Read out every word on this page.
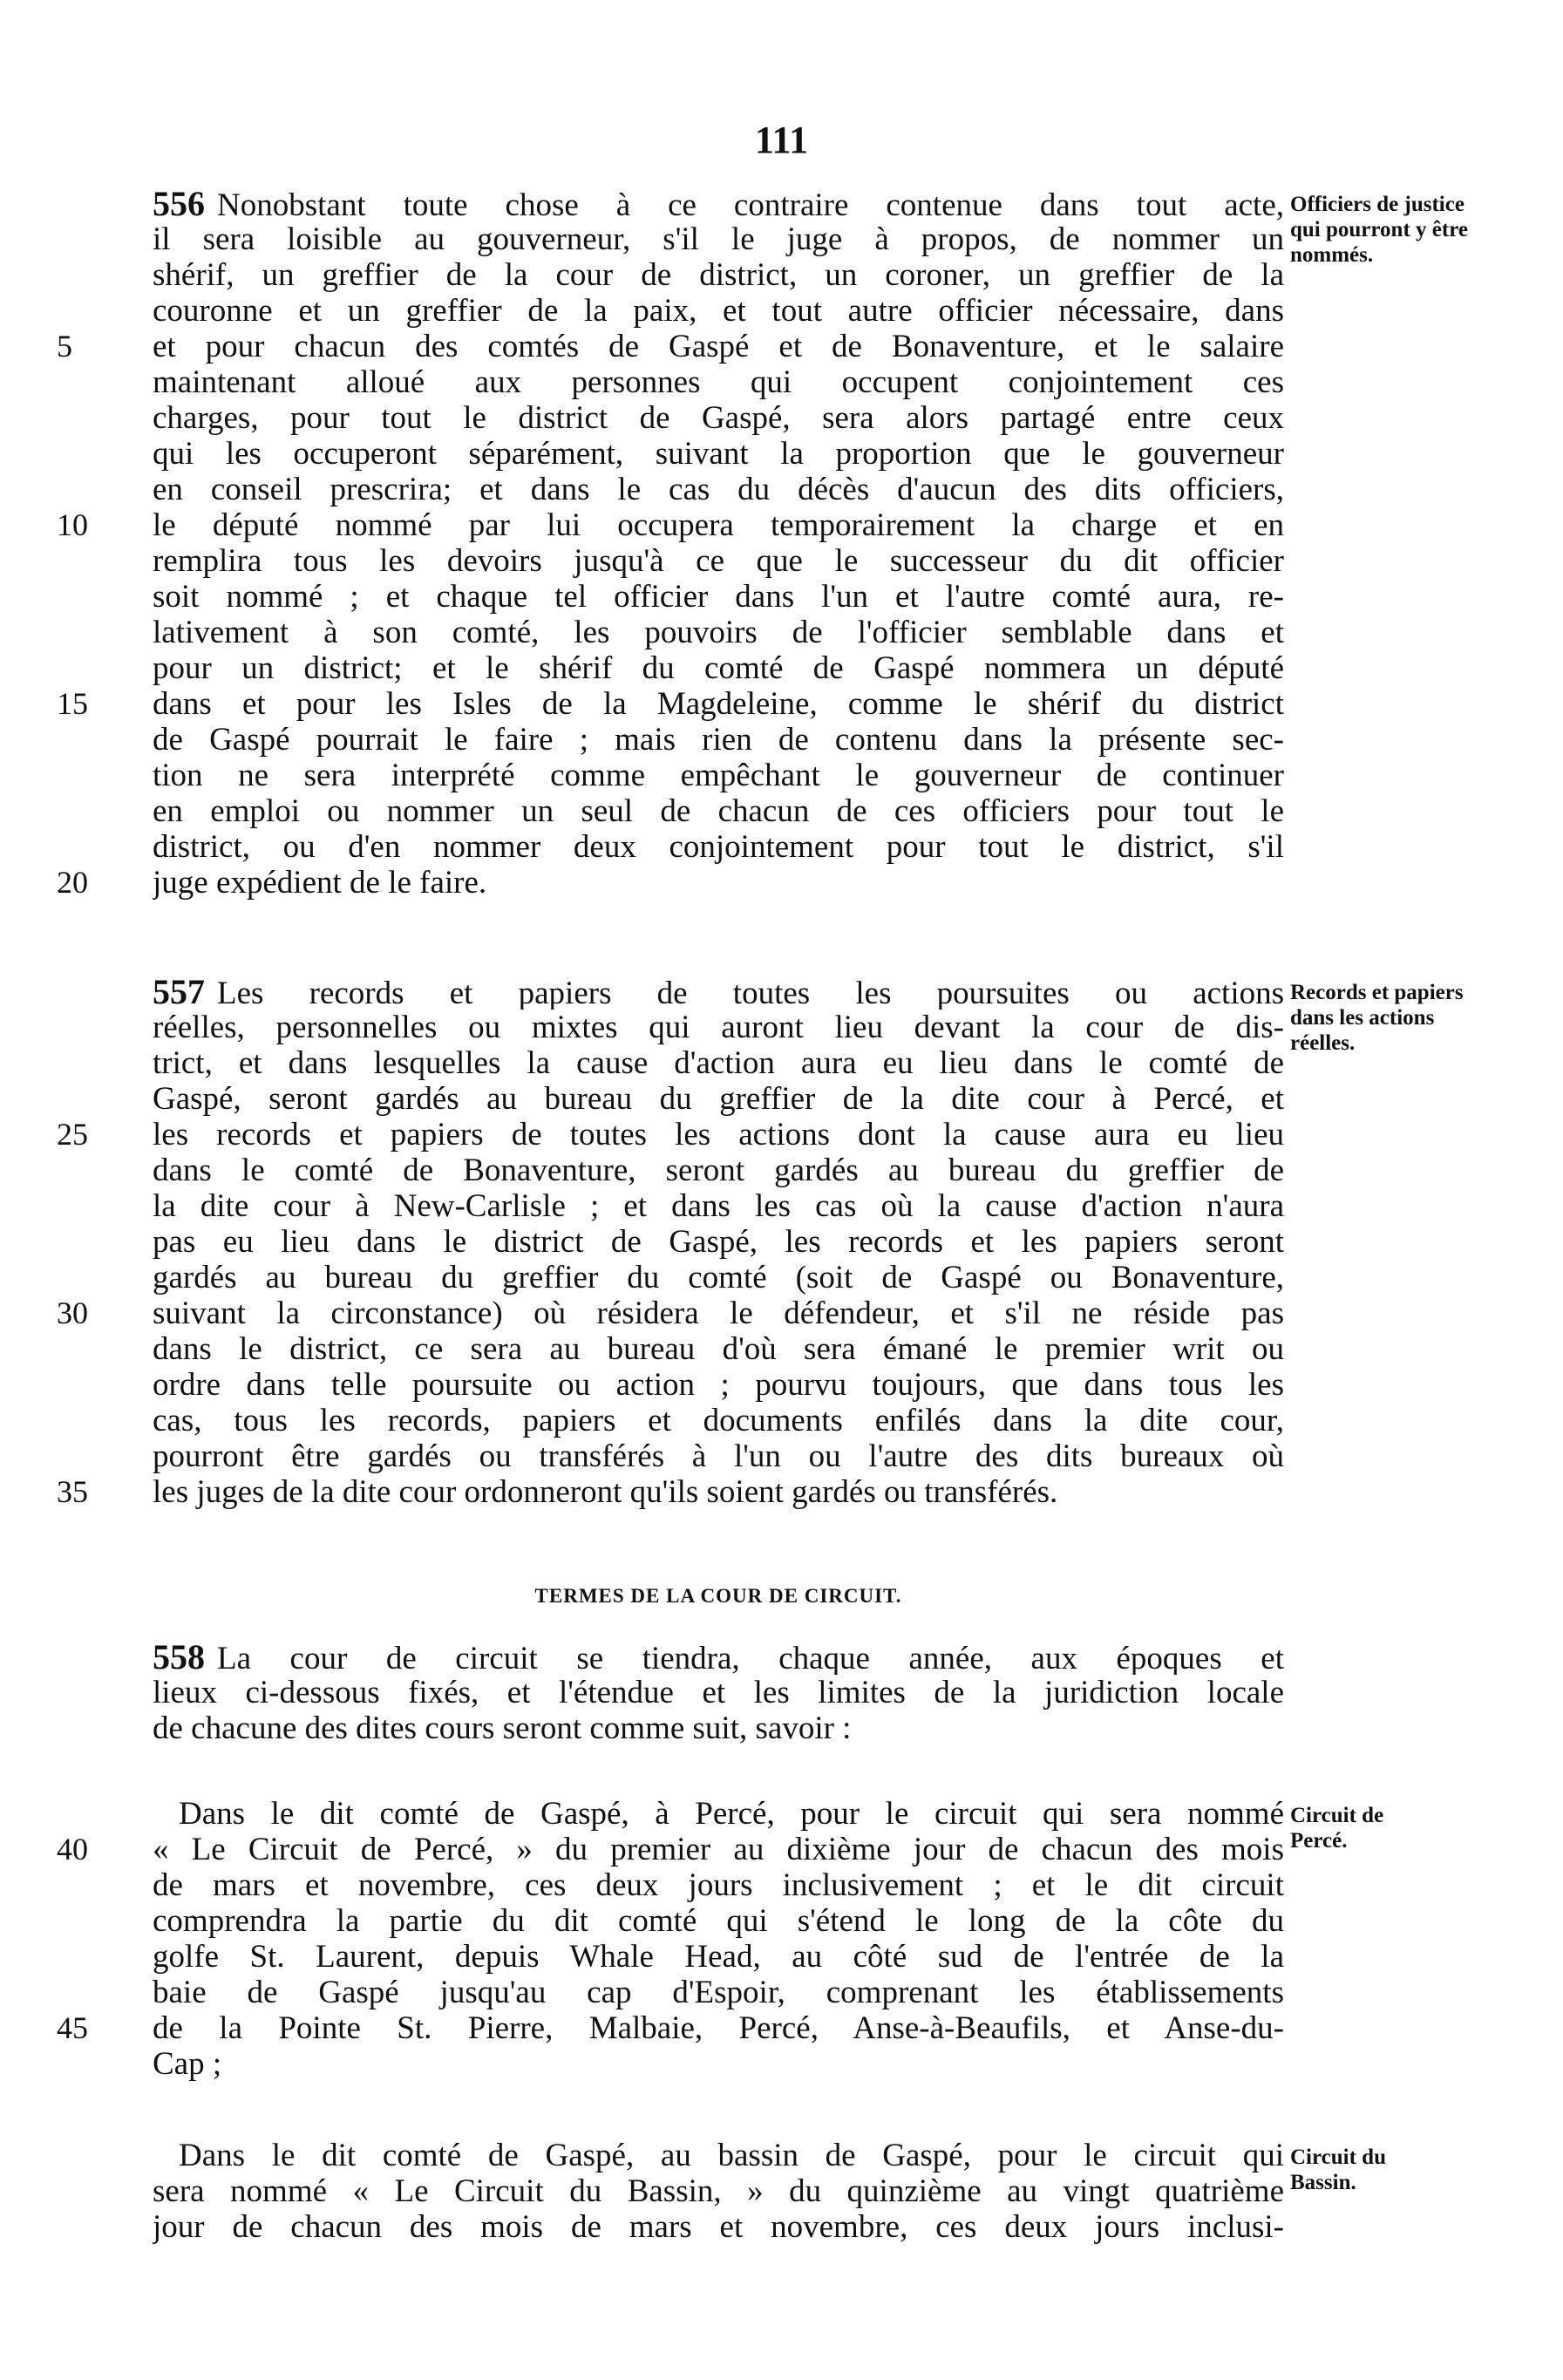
111
556 Nonobstant toute chose à ce contraire contenue dans tout acte,
il sera loisible au gouverneur, s'il le juge à propos, de nommer un
shérif, un greffier de la cour de district, un coroner, un greffier de la
couronne et un greffier de la paix, et tout autre officier nécessaire, dans
5	et pour chacun des comtés de Gaspé et de Bonaventure, et le salaire
maintenant alloué aux personnes qui occupent conjointement ces
charges, pour tout le district de Gaspé, sera alors partagé entre ceux
qui les occuperont séparément, suivant la proportion que le gouverneur
en conseil prescrira; et dans le cas du décès d'aucun des dits officiers,
10	le député nommé par lui occupera temporairement la charge et en
remplira tous les devoirs jusqu'à ce que le successeur du dit officier
soit nommé ; et chaque tel officier dans l'un et l'autre comté aura, re-
lativement à son comté, les pouvoirs de l'officier semblable dans et
pour un district; et le shérif du comté de Gaspé nommera un député
15	dans et pour les Isles de la Magdeleine, comme le shérif du district
de Gaspé pourrait le faire ; mais rien de contenu dans la présente sec-
tion ne sera interprété comme empêchant le gouverneur de continuer
en emploi ou nommer un seul de chacun de ces officiers pour tout le
district, ou d'en nommer deux conjointement pour tout le district, s'il
20	juge expédient de le faire.
Officiers de justice qui pourront y être nommés.
557 Les records et papiers de toutes les poursuites ou actions
réelles, personnelles ou mixtes qui auront lieu devant la cour de dis-
trict, et dans lesquelles la cause d'action aura eu lieu dans le comté de
Gaspé, seront gardés au bureau du greffier de la dite cour à Percé, et
25	les records et papiers de toutes les actions dont la cause aura eu lieu
dans le comté de Bonaventure, seront gardés au bureau du greffier de
la dite cour à New-Carlisle ; et dans les cas où la cause d'action n'aura
pas eu lieu dans le district de Gaspé, les records et les papiers seront
gardés au bureau du greffier du comté (soit de Gaspé ou Bonaventure,
30	suivant la circonstance) où résidera le défendeur, et s'il ne réside pas
dans le district, ce sera au bureau d'où sera émané le premier writ ou
ordre dans telle poursuite ou action ; pourvu toujours, que dans tous les
cas, tous les records, papiers et documents enfilés dans la dite cour,
pourront être gardés ou transférés à l'un ou l'autre des dits bureaux où
35	les juges de la dite cour ordonneront qu'ils soient gardés ou transférés.
Records et papiers dans les actions réelles.
TERMES DE LA COUR DE CIRCUIT.
558 La cour de circuit se tiendra, chaque année, aux époques et
lieux ci-dessous fixés, et l'étendue et les limites de la juridiction locale
de chacune des dites cours seront comme suit, savoir :
Dans le dit comté de Gaspé, à Percé, pour le circuit qui sera nommé
40	« Le Circuit de Percé, » du premier au dixième jour de chacun des mois
de mars et novembre, ces deux jours inclusivement ; et le dit circuit
comprendra la partie du dit comté qui s'étend le long de la côte du
golfe St. Laurent, depuis Whale Head, au côté sud de l'entrée de la
baie de Gaspé jusqu'au cap d'Espoir, comprenant les établissements
45	de la Pointe St. Pierre, Malbaie, Percé, Anse-à-Beaufils, et Anse-du-
Cap ;
Circuit de Percé.
Dans le dit comté de Gaspé, au bassin de Gaspé, pour le circuit qui
sera nommé « Le Circuit du Bassin, » du quinzième au vingt quatrième
jour de chacun des mois de mars et novembre, ces deux jours inclusi-
Circuit du Bassin.
